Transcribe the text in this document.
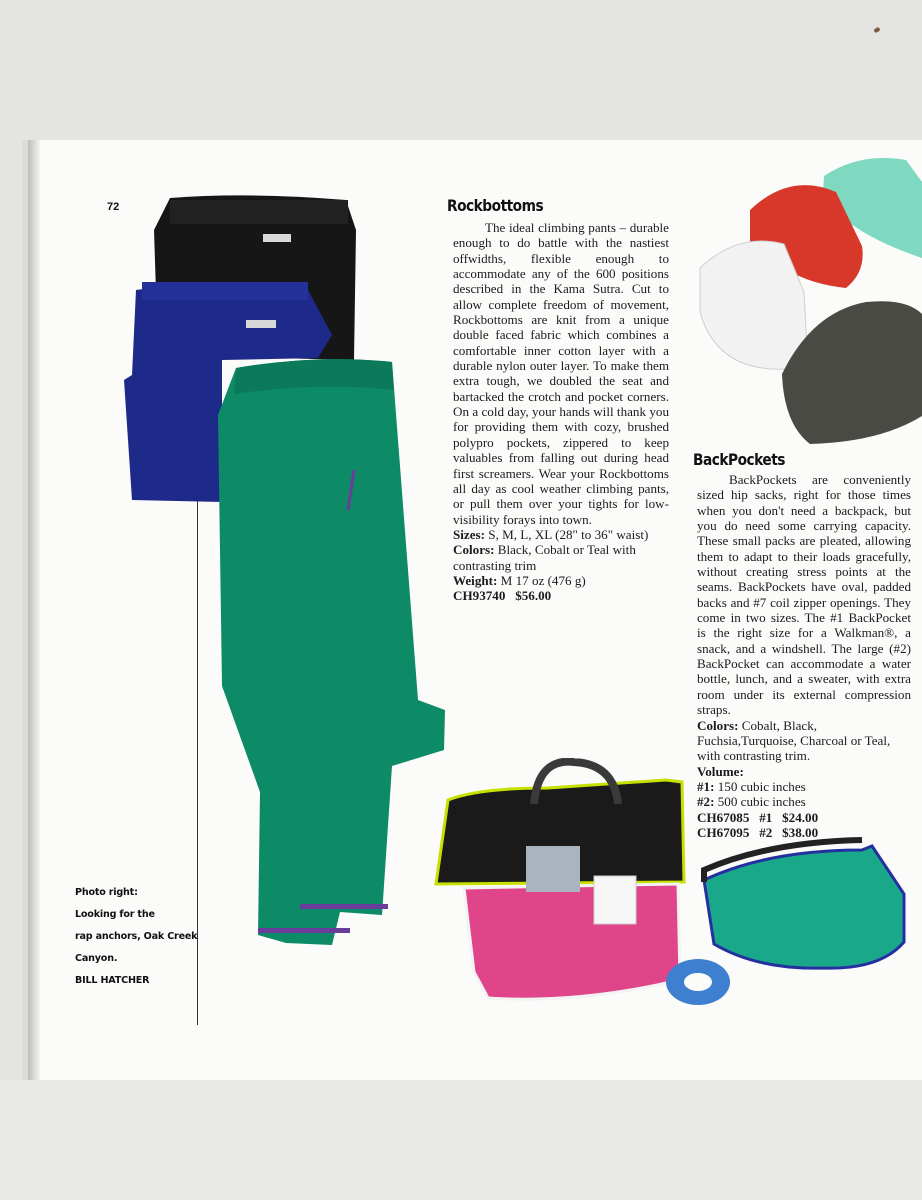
72	Rockbottoms

The ideal climbing pants – durable enough to do battle with the nastiest offwidths, flexible enough to accommodate any of the 600 positions described in the Kama Sutra. Cut to allow complete freedom of movement, Rockbottoms are knit from a unique double faced fabric which combines a comfortable inner cotton layer with a durable nylon outer layer. To make them extra tough, we doubled the seat and bartacked the crotch and pocket corners. On a cold day, your hands will thank you for providing them with cozy, brushed polypro pockets, zippered to keep valuables from falling out during head first screamers. Wear your Rockbottoms all day as cool weather climbing pants, or pull them over your tights for low-visibility forays into town.

Sizes: S, M, L, XL (28" to 36" waist)

Colors: Black, Cobalt or Teal with contrasting trim

Weight: M 17 oz (476 g)

CH93740 $56.00

BackPockets

BackPockets are conveniently sized hip sacks, right for those times when you don't need a backpack, but you do need some carrying capacity. These small packs are pleated, allowing them to adapt to their loads gracefully, without creating stress points at the seams. BackPockets have oval, padded backs and #7 coil zipper openings. They come in two sizes. The #1 BackPocket is the right size for a Walkman®, a snack, and a windshell. The large (#2) BackPocket can accommodate a water bottle, lunch, and a sweater, with extra room under its external compression straps.

Colors: Cobalt, Black, Fuchsia,Turquoise, Charcoal or Teal, with contrasting trim.

Volume:

#1: 150 cubic inches

#2: 500 cubic inches

CH67085 #1 $24.00

CH67095 #2 $38.00

Photo right:
Looking for the
rap anchors, Oak Creek
Canyon.
BILL HATCHER
